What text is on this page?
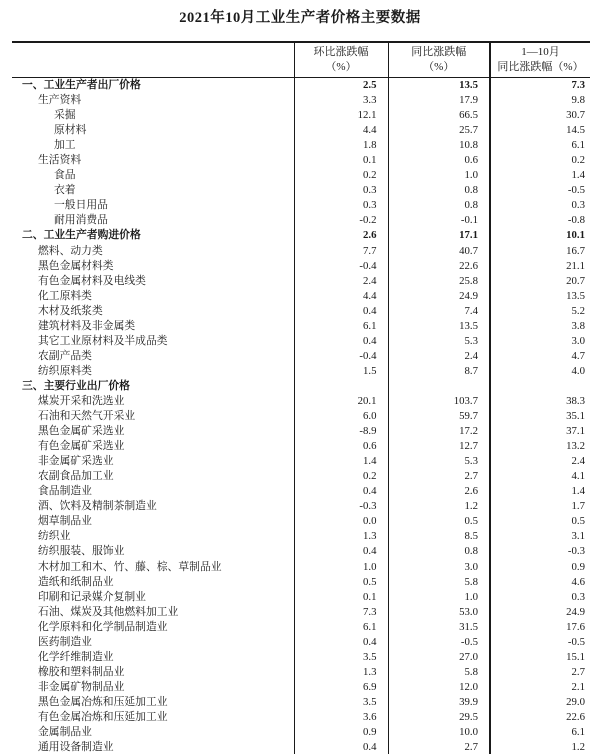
2021年10月工业生产者价格主要数据

环比涨跌幅
（%）

同比涨跌幅
（%）

1—10月
同比涨跌幅（%）

一、工业生产者出厂价格	2.5	13.5	7.3
生产资料	3.3	17.9	9.8
采掘	12.1	66.5	30.7
原材料	4.4	25.7	14.5
加工	1.8	10.8	6.1
生活资料	0.1	0.6	0.2
食品	0.2	1.0	1.4
衣着	0.3	0.8	-0.5
一般日用品	0.3	0.8	0.3
耐用消费品	-0.2	-0.1	-0.8
二、工业生产者购进价格	2.6	17.1	10.1
燃料、动力类	7.7	40.7	16.7
黑色金属材料类	-0.4	22.6	21.1
有色金属材料及电线类	2.4	25.8	20.7
化工原料类	4.4	24.9	13.5
木材及纸浆类	0.4	7.4	5.2
建筑材料及非金属类	6.1	13.5	3.8
其它工业原材料及半成品类	0.4	5.3	3.0
农副产品类	-0.4	2.4	4.7
纺织原料类	1.5	8.7	4.0
三、主要行业出厂价格			
煤炭开采和洗选业	20.1	103.7	38.3
石油和天然气开采业	6.0	59.7	35.1
黑色金属矿采选业	-8.9	17.2	37.1
有色金属矿采选业	0.6	12.7	13.2
非金属矿采选业	1.4	5.3	2.4
农副食品加工业	0.2	2.7	4.1
食品制造业	0.4	2.6	1.4
酒、饮料及精制茶制造业	-0.3	1.2	1.7
烟草制品业	0.0	0.5	0.5
纺织业	1.3	8.5	3.1
纺织服装、服饰业	0.4	0.8	-0.3
木材加工和木、竹、藤、棕、草制品业	1.0	3.0	0.9
造纸和纸制品业	0.5	5.8	4.6
印刷和记录媒介复制业	0.1	1.0	0.3
石油、煤炭及其他燃料加工业	7.3	53.0	24.9
化学原料和化学制品制造业	6.1	31.5	17.6
医药制造业	0.4	-0.5	-0.5
化学纤维制造业	3.5	27.0	15.1
橡胶和塑料制品业	1.3	5.8	2.7
非金属矿物制品业	6.9	12.0	2.1
黑色金属冶炼和压延加工业	3.5	39.9	29.0
有色金属冶炼和压延加工业	3.6	29.5	22.6
金属制品业	0.9	10.0	6.1
通用设备制造业	0.4	2.7	1.2
